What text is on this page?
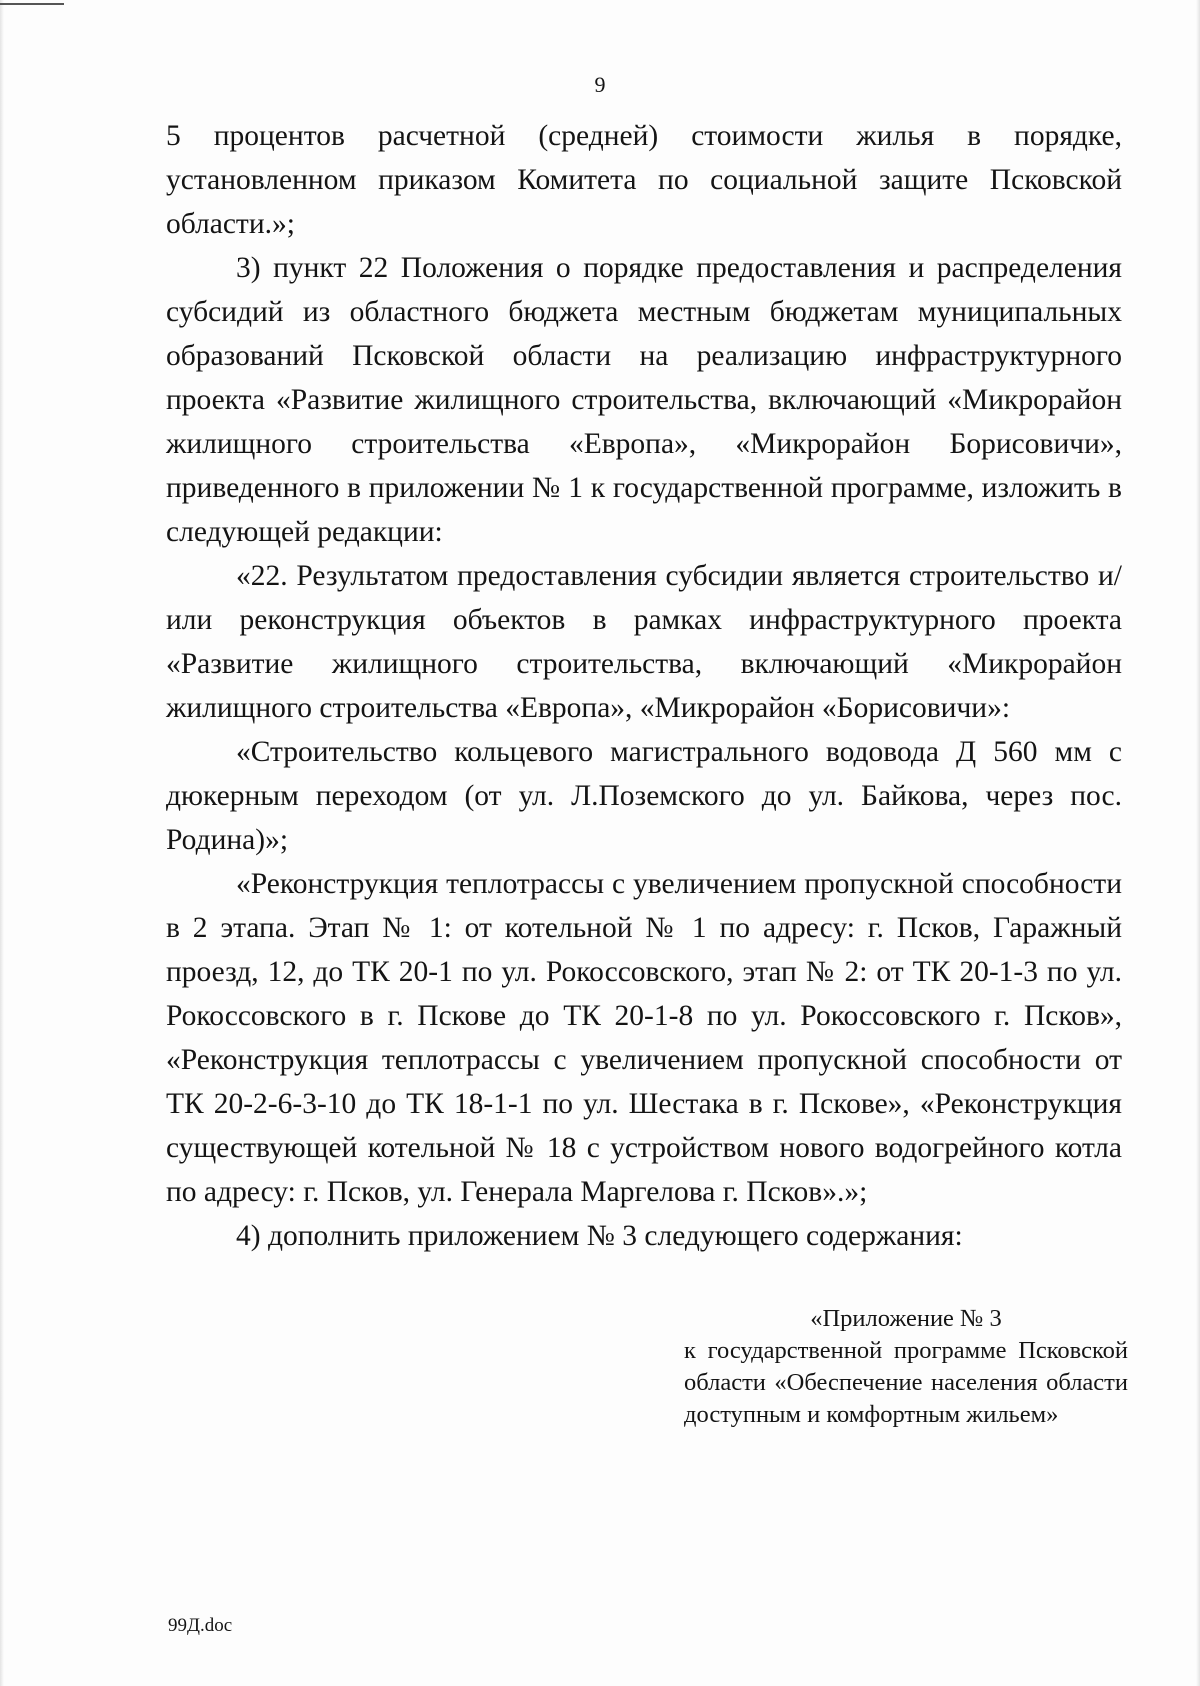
9

5 процентов расчетной (средней) стоимости жилья в порядке, установленном приказом Комитета по социальной защите Псковской области.»;

3) пункт 22 Положения о порядке предоставления и распределения субсидий из областного бюджета местным бюджетам муниципальных образований Псковской области на реализацию инфраструктурного проекта «Развитие жилищного строительства, включающий «Микрорайон жилищного строительства «Европа», «Микрорайон Борисовичи», приведенного в приложении № 1 к государственной программе, изложить в следующей редакции:

«22. Результатом предоставления субсидии является строительство и/или реконструкция объектов в рамках инфраструктурного проекта «Развитие жилищного строительства, включающий «Микрорайон жилищного строительства «Европа», «Микрорайон «Борисовичи»:

«Строительство кольцевого магистрального водовода Д 560 мм с дюкерным переходом (от ул. Л.Поземского до ул. Байкова, через пос. Родина)»;

«Реконструкция теплотрассы с увеличением пропускной способности в 2 этапа. Этап № 1: от котельной № 1 по адресу: г. Псков, Гаражный проезд, 12, до ТК 20-1 по ул. Рокоссовского, этап № 2: от ТК 20-1-3 по ул. Рокоссовского в г. Пскове до ТК 20-1-8 по ул. Рокоссовского г. Псков», «Реконструкция теплотрассы с увеличением пропускной способности от ТК 20-2-6-3-10 до ТК 18-1-1 по ул. Шестака в г. Пскове», «Реконструкция существующей котельной № 18 с устройством нового водогрейного котла по адресу: г. Псков, ул. Генерала Маргелова г. Псков».»;

4) дополнить приложением № 3 следующего содержания:

«Приложение № 3

к государственной программе Псковской области «Обеспечение населения области доступным и комфортным жильем»

99Д.doc
